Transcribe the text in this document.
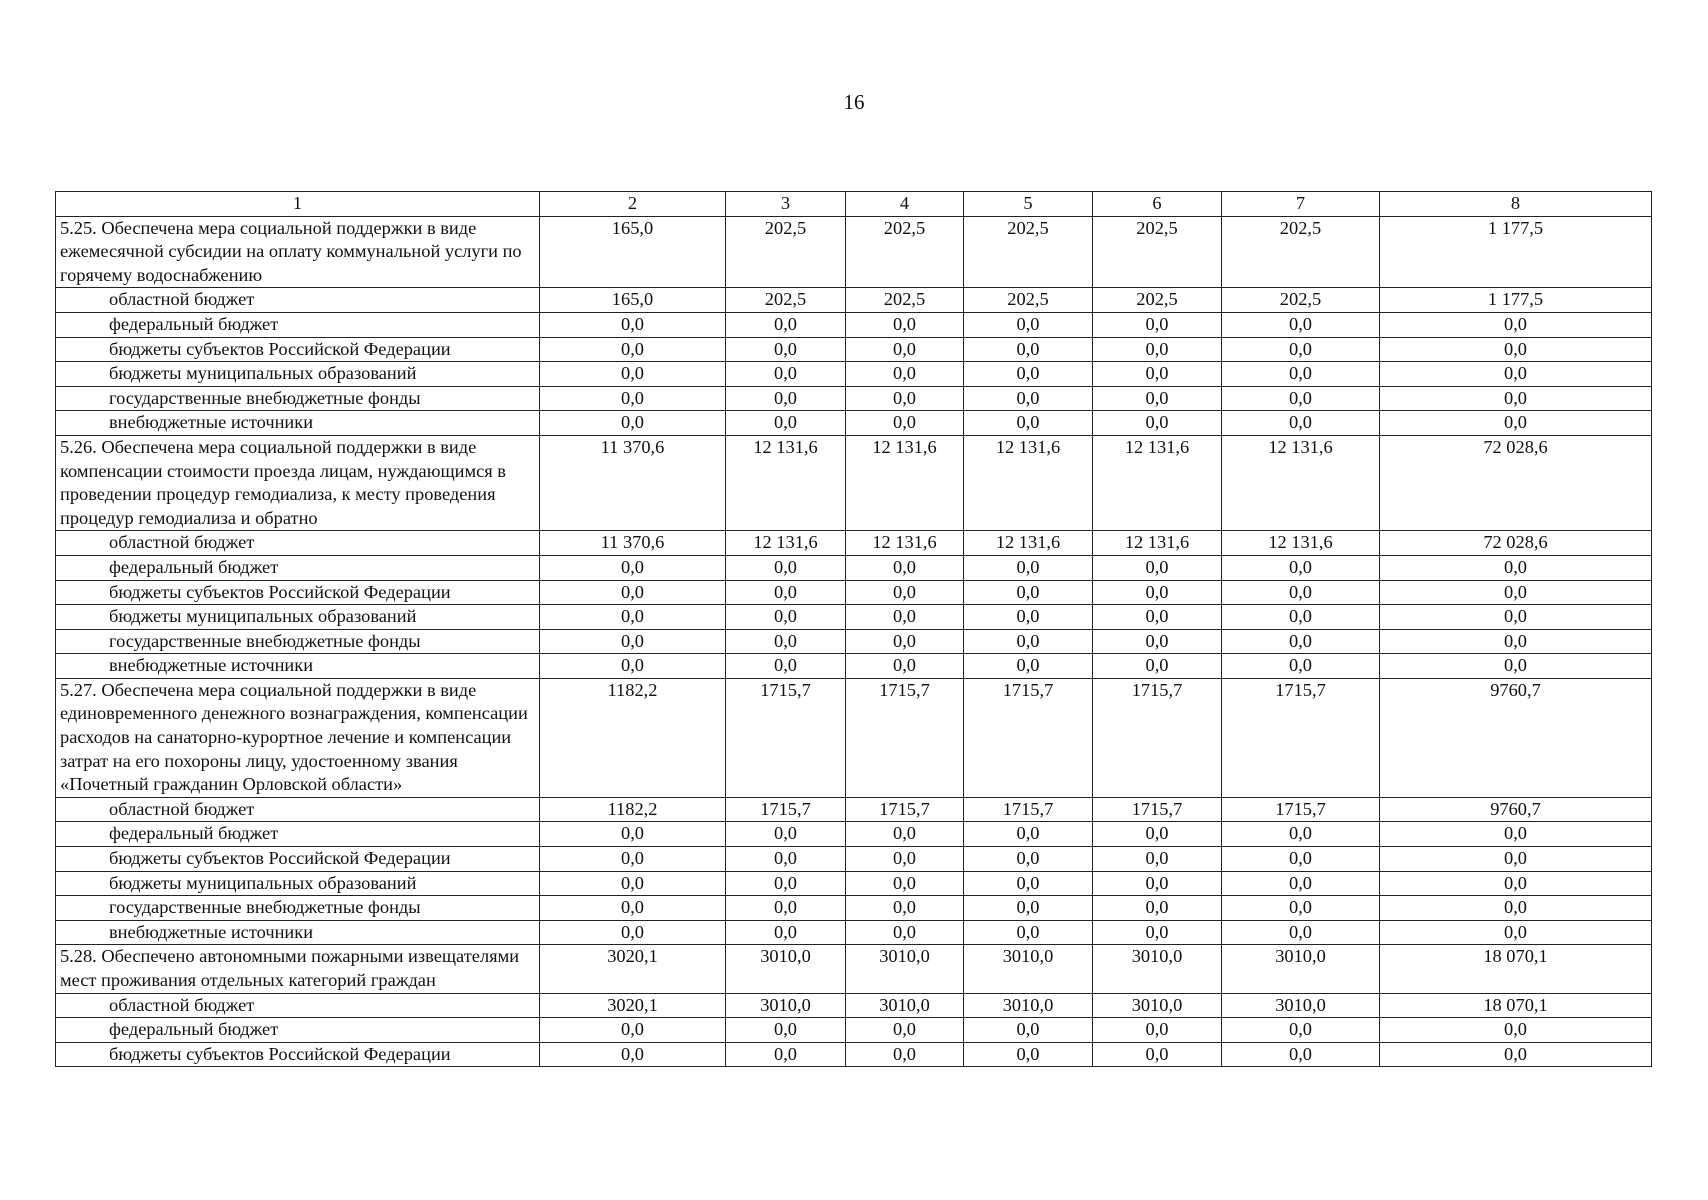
16
1	2	3	4	5	6	7	8
5.25. Обеспечена мера социальной поддержки в виде ежемесячной субсидии на оплату коммунальной услуги по горячему водоснабжению	165,0	202,5	202,5	202,5	202,5	202,5	1 177,5
областной бюджет	165,0	202,5	202,5	202,5	202,5	202,5	1 177,5
федеральный бюджет	0,0	0,0	0,0	0,0	0,0	0,0	0,0
бюджеты субъектов Российской Федерации	0,0	0,0	0,0	0,0	0,0	0,0	0,0
бюджеты муниципальных образований	0,0	0,0	0,0	0,0	0,0	0,0	0,0
государственные внебюджетные фонды	0,0	0,0	0,0	0,0	0,0	0,0	0,0
внебюджетные источники	0,0	0,0	0,0	0,0	0,0	0,0	0,0
5.26. Обеспечена мера социальной поддержки в виде компенсации стоимости проезда лицам, нуждающимся в проведении процедур гемодиализа, к месту проведения процедур гемодиализа и обратно	11 370,6	12 131,6	12 131,6	12 131,6	12 131,6	12 131,6	72 028,6
областной бюджет	11 370,6	12 131,6	12 131,6	12 131,6	12 131,6	12 131,6	72 028,6
федеральный бюджет	0,0	0,0	0,0	0,0	0,0	0,0	0,0
бюджеты субъектов Российской Федерации	0,0	0,0	0,0	0,0	0,0	0,0	0,0
бюджеты муниципальных образований	0,0	0,0	0,0	0,0	0,0	0,0	0,0
государственные внебюджетные фонды	0,0	0,0	0,0	0,0	0,0	0,0	0,0
внебюджетные источники	0,0	0,0	0,0	0,0	0,0	0,0	0,0
5.27. Обеспечена мера социальной поддержки в виде единовременного денежного вознаграждения, компенсации расходов на санаторно-курортное лечение и компенсации затрат на его похороны лицу, удостоенному звания «Почетный гражданин Орловской области»	1182,2	1715,7	1715,7	1715,7	1715,7	1715,7	9760,7
областной бюджет	1182,2	1715,7	1715,7	1715,7	1715,7	1715,7	9760,7
федеральный бюджет	0,0	0,0	0,0	0,0	0,0	0,0	0,0
бюджеты субъектов Российской Федерации	0,0	0,0	0,0	0,0	0,0	0,0	0,0
бюджеты муниципальных образований	0,0	0,0	0,0	0,0	0,0	0,0	0,0
государственные внебюджетные фонды	0,0	0,0	0,0	0,0	0,0	0,0	0,0
внебюджетные источники	0,0	0,0	0,0	0,0	0,0	0,0	0,0
5.28. Обеспечено автономными пожарными извещателями мест проживания отдельных категорий граждан	3020,1	3010,0	3010,0	3010,0	3010,0	3010,0	18 070,1
областной бюджет	3020,1	3010,0	3010,0	3010,0	3010,0	3010,0	18 070,1
федеральный бюджет	0,0	0,0	0,0	0,0	0,0	0,0	0,0
бюджеты субъектов Российской Федерации	0,0	0,0	0,0	0,0	0,0	0,0	0,0
